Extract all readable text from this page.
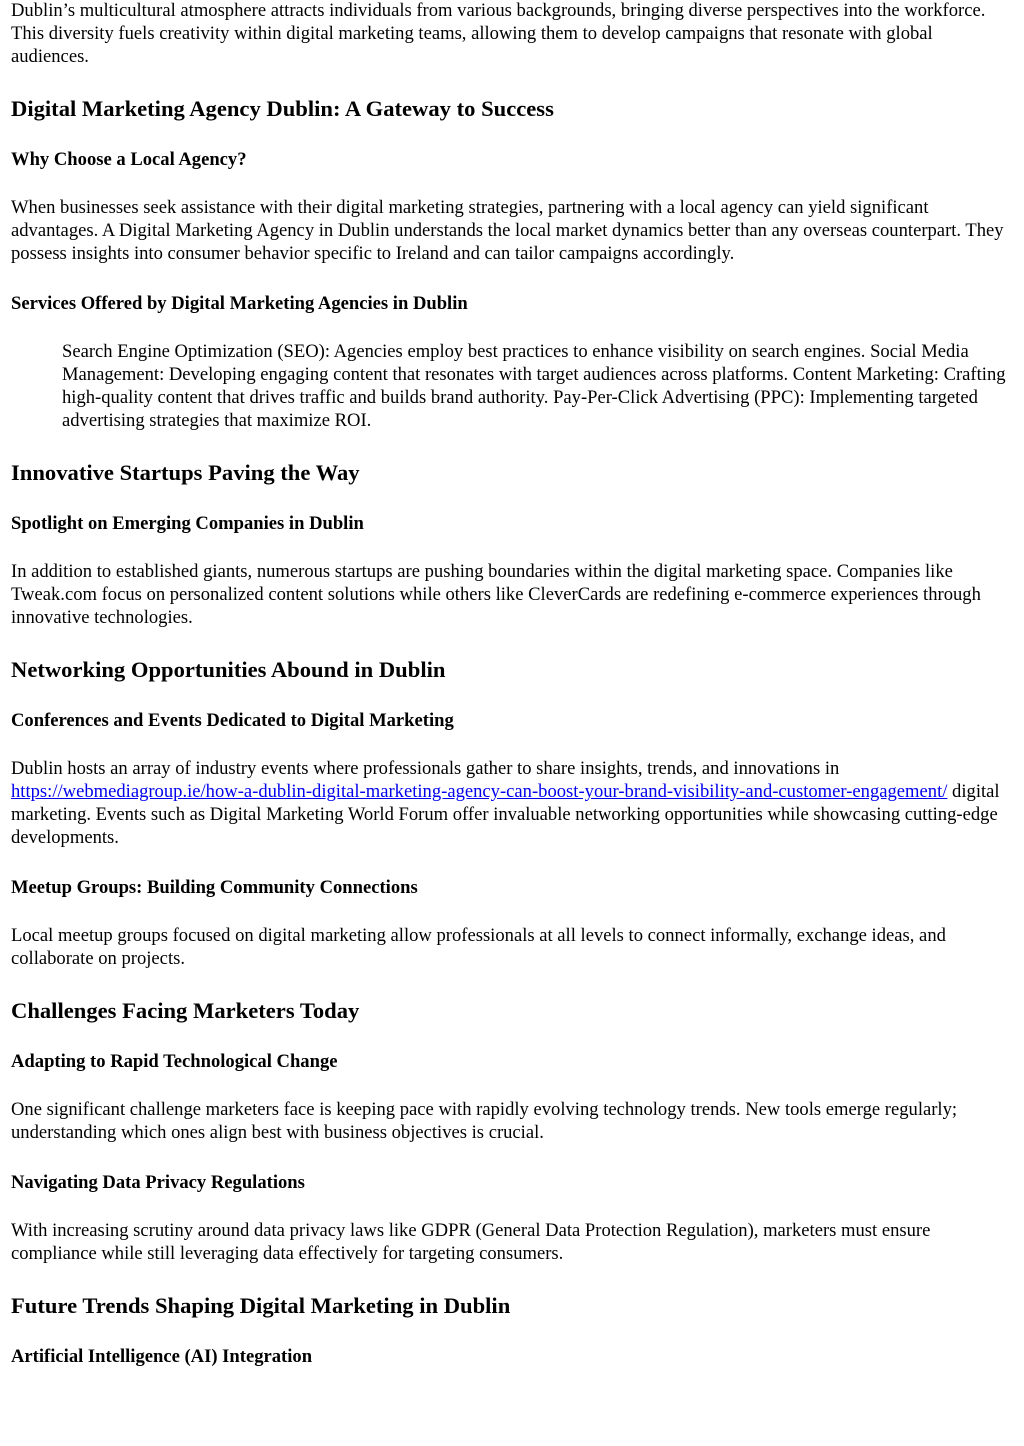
Dublin’s multicultural atmosphere attracts individuals from various backgrounds, bringing diverse perspectives into the workforce. This diversity fuels creativity within digital marketing teams, allowing them to develop campaigns that resonate with global audiences.

Digital Marketing Agency Dublin: A Gateway to Success
Why Choose a Local Agency?

When businesses seek assistance with their digital marketing strategies, partnering with a local agency can yield significant advantages. A Digital Marketing Agency in Dublin understands the local market dynamics better than any overseas counterpart. They possess insights into consumer behavior specific to Ireland and can tailor campaigns accordingly.

Services Offered by Digital Marketing Agencies in Dublin
Search Engine Optimization (SEO): Agencies employ best practices to enhance visibility on search engines. Social Media Management: Developing engaging content that resonates with target audiences across platforms. Content Marketing: Crafting high-quality content that drives traffic and builds brand authority. Pay-Per-Click Advertising (PPC): Implementing targeted advertising strategies that maximize ROI.
Innovative Startups Paving the Way
Spotlight on Emerging Companies in Dublin

In addition to established giants, numerous startups are pushing boundaries within the digital marketing space. Companies like Tweak.com focus on personalized content solutions while others like CleverCards are redefining e-commerce experiences through innovative technologies.

Networking Opportunities Abound in Dublin
Conferences and Events Dedicated to Digital Marketing

Dublin hosts an array of industry events where professionals gather to share insights, trends, and innovations in https://webmediagroup.ie/how-a-dublin-digital-marketing-agency-can-boost-your-brand-visibility-and-customer-engagement/ digital marketing. Events such as Digital Marketing World Forum offer invaluable networking opportunities while showcasing cutting-edge developments.

Meetup Groups: Building Community Connections

Local meetup groups focused on digital marketing allow professionals at all levels to connect informally, exchange ideas, and collaborate on projects.

Challenges Facing Marketers Today
Adapting to Rapid Technological Change

One significant challenge marketers face is keeping pace with rapidly evolving technology trends. New tools emerge regularly; understanding which ones align best with business objectives is crucial.

Navigating Data Privacy Regulations

With increasing scrutiny around data privacy laws like GDPR (General Data Protection Regulation), marketers must ensure compliance while still leveraging data effectively for targeting consumers.

Future Trends Shaping Digital Marketing in Dublin
Artificial Intelligence (AI) Integration
